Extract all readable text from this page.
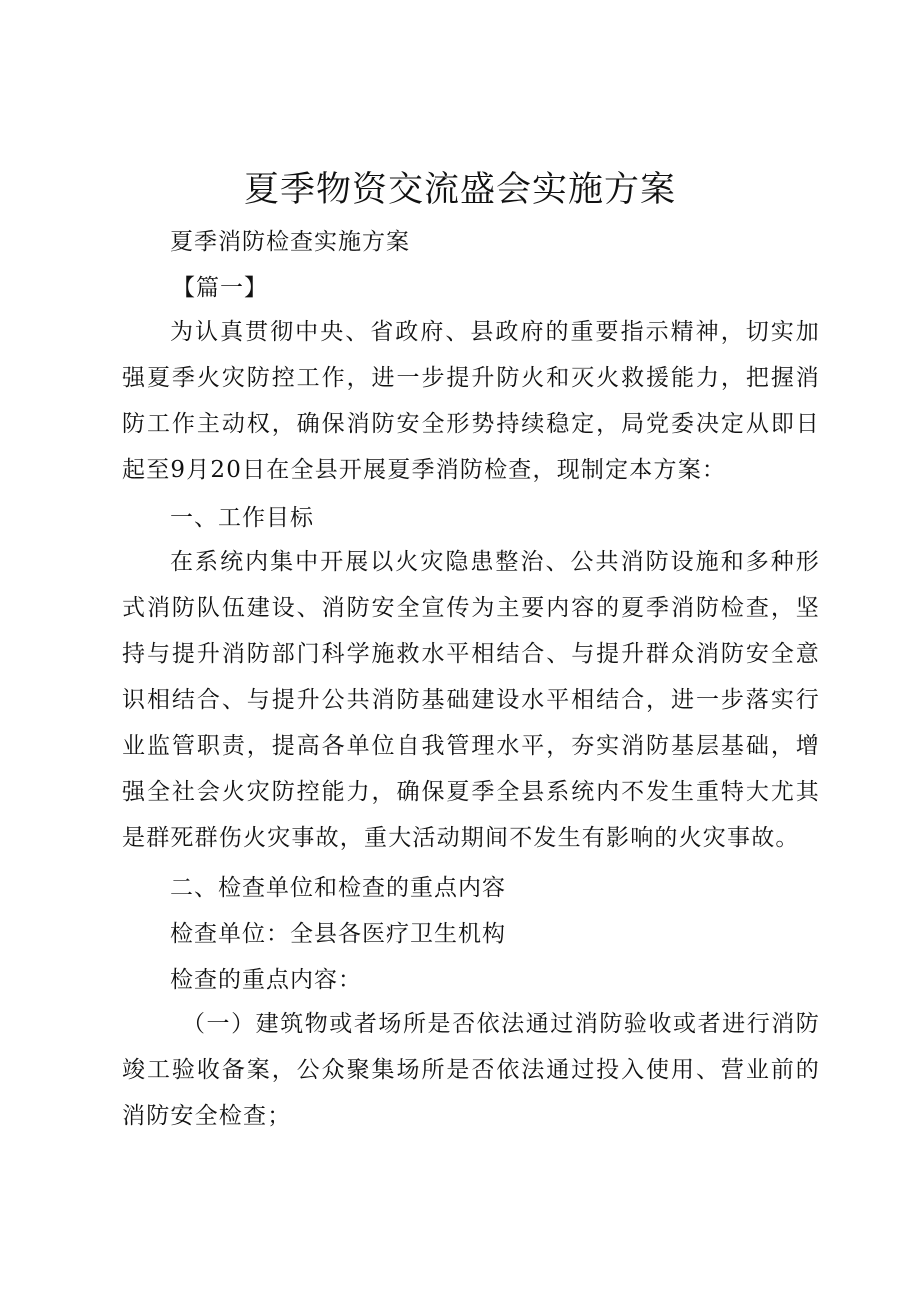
夏季物资交流盛会实施方案

夏季消防检查实施方案

【篇一】

为认真贯彻中央、省政府、县政府的重要指示精神，切实加强夏季火灾防控工作，进一步提升防火和灭火救援能力，把握消防工作主动权，确保消防安全形势持续稳定，局党委决定从即日起至9月20日在全县开展夏季消防检查，现制定本方案：

一、工作目标

在系统内集中开展以火灾隐患整治、公共消防设施和多种形式消防队伍建设、消防安全宣传为主要内容的夏季消防检查，坚持与提升消防部门科学施救水平相结合、与提升群众消防安全意识相结合、与提升公共消防基础建设水平相结合，进一步落实行业监管职责，提高各单位自我管理水平，夯实消防基层基础，增强全社会火灾防控能力，确保夏季全县系统内不发生重特大尤其是群死群伤火灾事故，重大活动期间不发生有影响的火灾事故。

二、检查单位和检查的重点内容

检查单位：全县各医疗卫生机构

检查的重点内容：

（一）建筑物或者场所是否依法通过消防验收或者进行消防竣工验收备案，公众聚集场所是否依法通过投入使用、营业前的消防安全检查；
